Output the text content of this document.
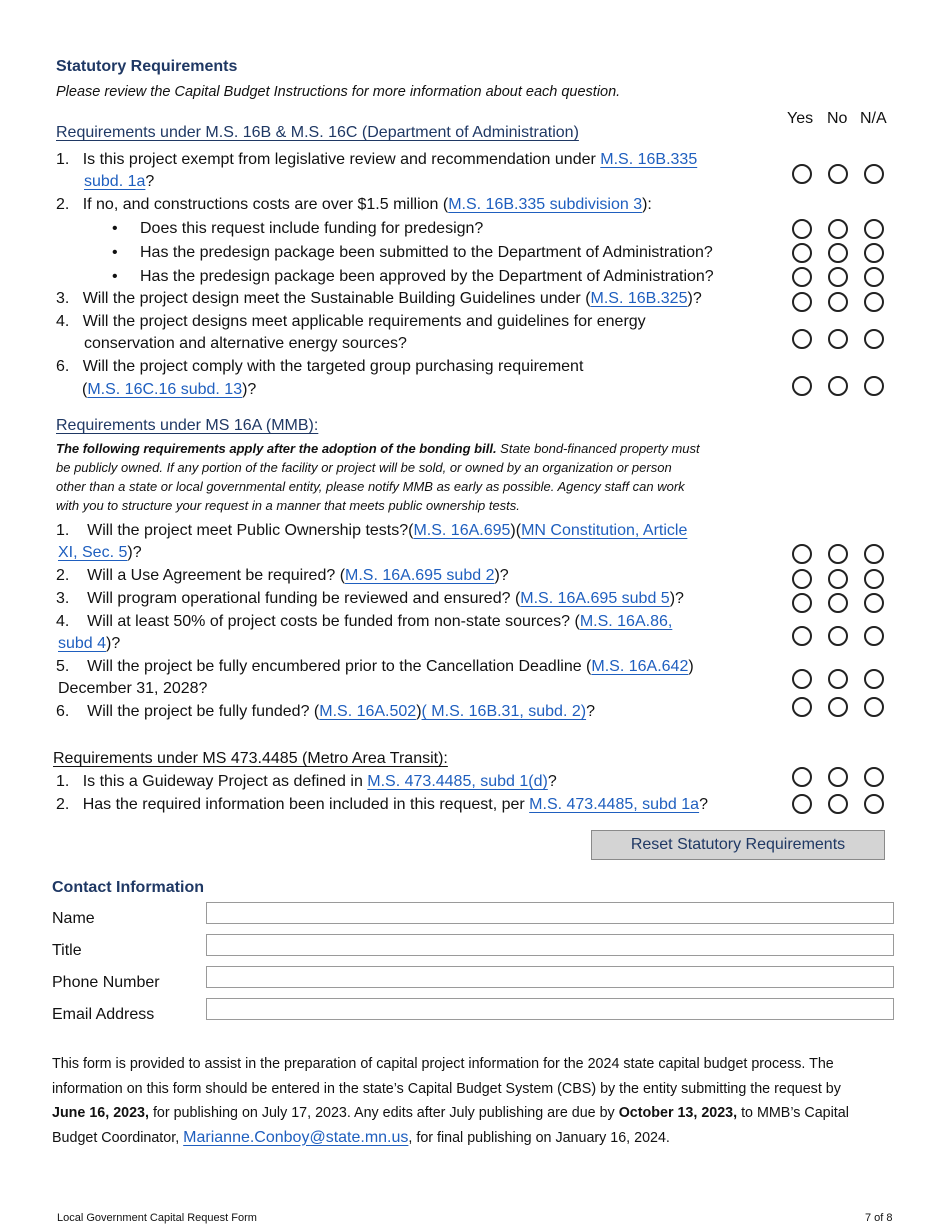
Statutory Requirements
Please review the Capital Budget Instructions for more information about each question.
Yes No N/A
Requirements under M.S. 16B & M.S. 16C (Department of Administration)
1. Is this project exempt from legislative review and recommendation under M.S. 16B.335
subd. 1a?
2. If no, and constructions costs are over $1.5 million (M.S. 16B.335 subdivision 3):
• Does this request include funding for predesign?
• Has the predesign package been submitted to the Department of Administration?
• Has the predesign package been approved by the Department of Administration?
3. Will the project design meet the Sustainable Building Guidelines under (M.S. 16B.325)?
4. Will the project designs meet applicable requirements and guidelines for energy
conservation and alternative energy sources?
6. Will the project comply with the targeted group purchasing requirement
(M.S. 16C.16 subd. 13)?
Requirements under MS 16A (MMB):
The following requirements apply after the adoption of the bonding bill. State bond-financed property must
be publicly owned. If any portion of the facility or project will be sold, or owned by an organization or person
other than a state or local governmental entity, please notify MMB as early as possible. Agency staff can work
with you to structure your request in a manner that meets public ownership tests.
1. Will the project meet Public Ownership tests?(M.S. 16A.695)(MN Constitution, Article
XI, Sec. 5)?
2. Will a Use Agreement be required? (M.S. 16A.695 subd 2)?
3. Will program operational funding be reviewed and ensured? (M.S. 16A.695 subd 5)?
4. Will at least 50% of project costs be funded from non-state sources? (M.S. 16A.86,
subd 4)?
5. Will the project be fully encumbered prior to the Cancellation Deadline (M.S. 16A.642)
December 31, 2028?
6. Will the project be fully funded? (M.S. 16A.502)( M.S. 16B.31, subd. 2)?
Requirements under MS 473.4485 (Metro Area Transit):
1. Is this a Guideway Project as defined in M.S. 473.4485, subd 1(d)?
2. Has the required information been included in this request, per M.S. 473.4485, subd 1a?
Reset Statutory Requirements
Contact Information
Name
Title
Phone Number
Email Address
This form is provided to assist in the preparation of capital project information for the 2024 state capital budget process. The
information on this form should be entered in the state’s Capital Budget System (CBS) by the entity submitting the request by
June 16, 2023, for publishing on July 17, 2023. Any edits after July publishing are due by October 13, 2023, to MMB’s Capital
Budget Coordinator, Marianne.Conboy@state.mn.us, for final publishing on January 16, 2024.
Local Government Capital Request Form	7 of 8
